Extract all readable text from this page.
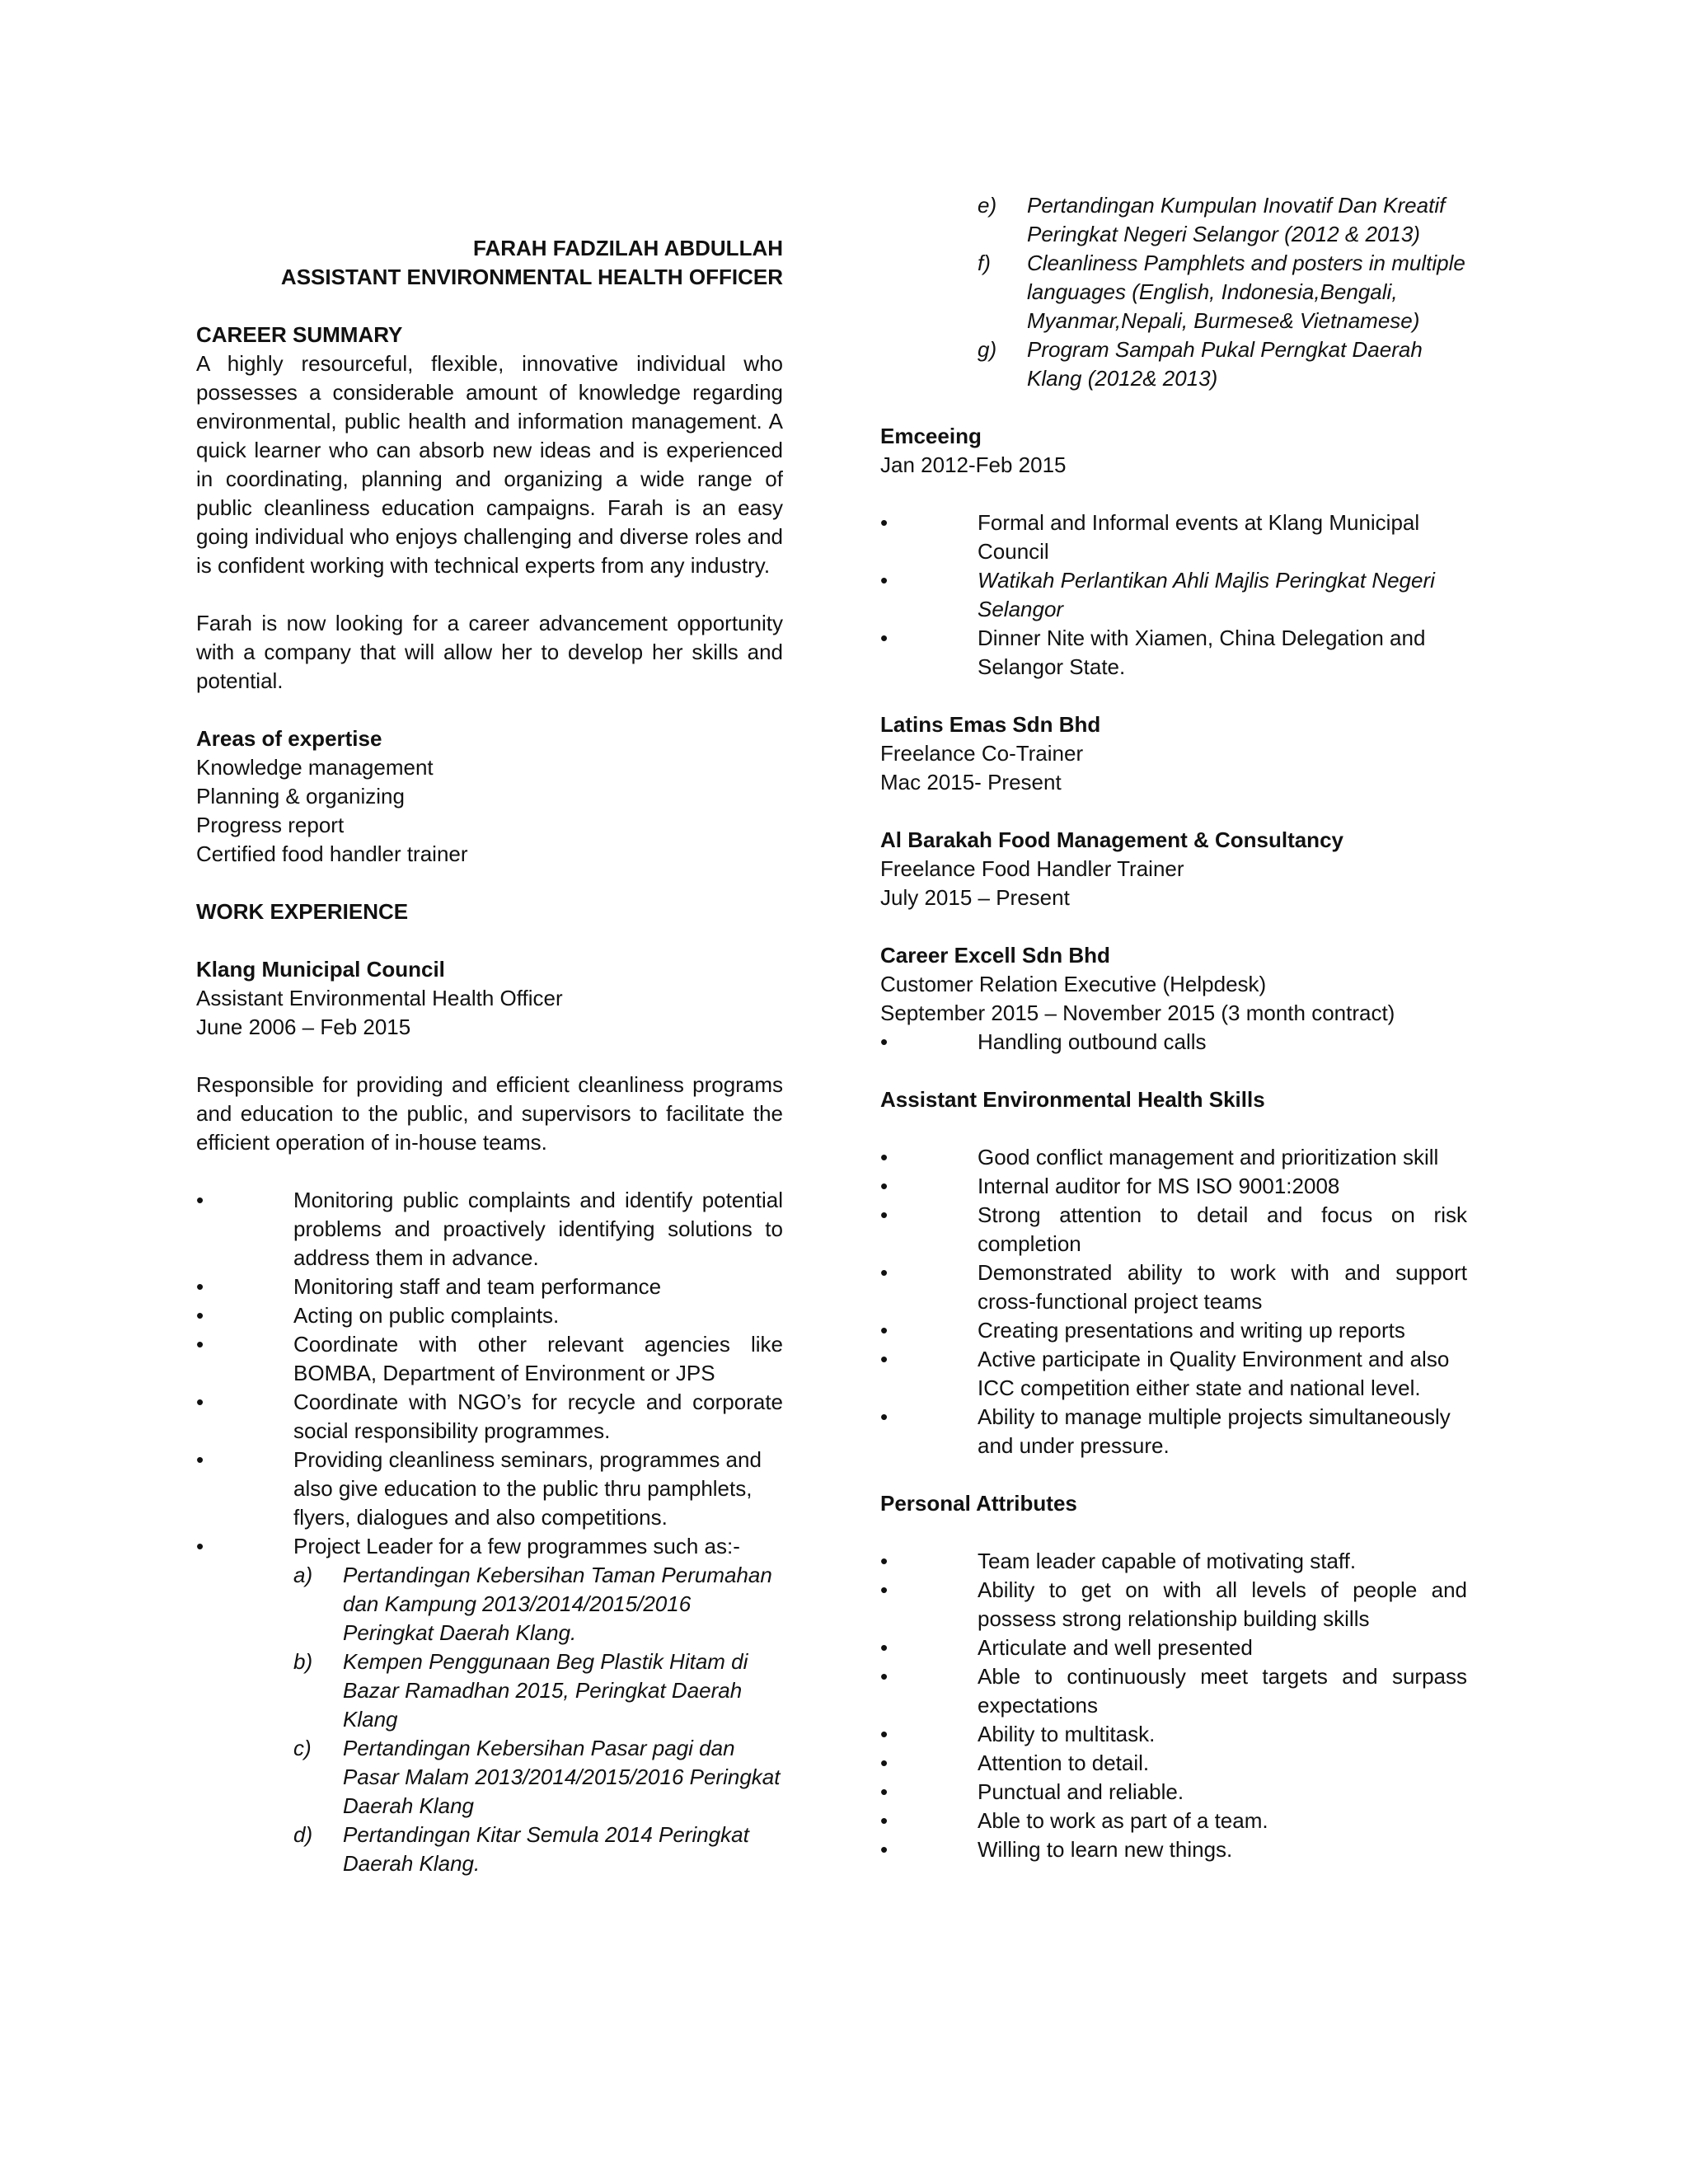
FARAH FADZILAH ABDULLAH

ASSISTANT ENVIRONMENTAL HEALTH OFFICER

CAREER SUMMARY

A highly resourceful, flexible, innovative individual who possesses a considerable amount of knowledge regarding environmental, public health and information management. A quick learner who can absorb new ideas and is experienced in coordinating, planning and organizing a wide range of public cleanliness education campaigns. Farah is an easy going individual who enjoys challenging and diverse roles and is confident working with technical experts from any industry.

Farah is now looking for a career advancement opportunity with a company that will allow her to develop her skills and potential.

Areas of expertise

Knowledge management

Planning & organizing

Progress report

Certified food handler trainer

WORK EXPERIENCE

Klang Municipal Council

Assistant Environmental Health Officer

June 2006 – Feb 2015

Responsible for providing and efficient cleanliness programs and education to the public, and supervisors to facilitate the efficient operation of in-house teams.

•	Monitoring public complaints and identify potential problems and proactively identifying solutions to address them in advance.
•	Monitoring staff and team performance
•	Acting on public complaints.
•	Coordinate with other relevant agencies like BOMBA, Department of Environment or JPS
•	Coordinate with NGO’s for recycle and corporate social responsibility programmes.
•	Providing cleanliness seminars, programmes and also give education to the public thru pamphlets, flyers, dialogues and also competitions.
•	Project Leader for a few programmes such as:-
a) Pertandingan Kebersihan Taman Perumahan dan Kampung 2013/2014/2015/2016 Peringkat Daerah Klang.
b) Kempen Penggunaan Beg Plastik Hitam di Bazar Ramadhan 2015, Peringkat Daerah Klang
c) Pertandingan Kebersihan Pasar pagi dan Pasar Malam 2013/2014/2015/2016 Peringkat Daerah Klang
d) Pertandingan Kitar Semula 2014 Peringkat Daerah Klang.
e) Pertandingan Kumpulan Inovatif Dan Kreatif Peringkat Negeri Selangor (2012 & 2013)
f) Cleanliness Pamphlets and posters in multiple languages (English, Indonesia,Bengali, Myanmar,Nepali, Burmese& Vietnamese)
g) Program Sampah Pukal Perngkat Daerah Klang (2012& 2013)

Emceeing

Jan 2012-Feb 2015

•	Formal and Informal events at Klang Municipal Council
•	Watikah Perlantikan Ahli Majlis Peringkat Negeri Selangor
•	Dinner Nite with Xiamen, China Delegation and Selangor State.

Latins Emas Sdn Bhd

Freelance Co-Trainer

Mac 2015- Present

Al Barakah Food Management & Consultancy

Freelance Food Handler Trainer

July 2015 – Present

Career Excell Sdn Bhd

Customer Relation Executive (Helpdesk)

September 2015 – November 2015 (3 month contract)

•	Handling outbound calls

Assistant Environmental Health Skills

•	Good conflict management and prioritization skill
•	Internal auditor for MS ISO 9001:2008
•	Strong attention to detail and focus on risk completion
•	Demonstrated ability to work with and support cross-functional project teams
•	Creating presentations and writing up reports
•	Active participate in Quality Environment and also ICC competition either state and national level.
•	Ability to manage multiple projects simultaneously and under pressure.

Personal Attributes

•	Team leader capable of motivating staff.
•	Ability to get on with all levels of people and possess strong relationship building skills
•	Articulate and well presented
•	Able to continuously meet targets and surpass expectations
•	Ability to multitask.
•	Attention to detail.
•	Punctual and reliable.
•	Able to work as part of a team.
•	Willing to learn new things.
